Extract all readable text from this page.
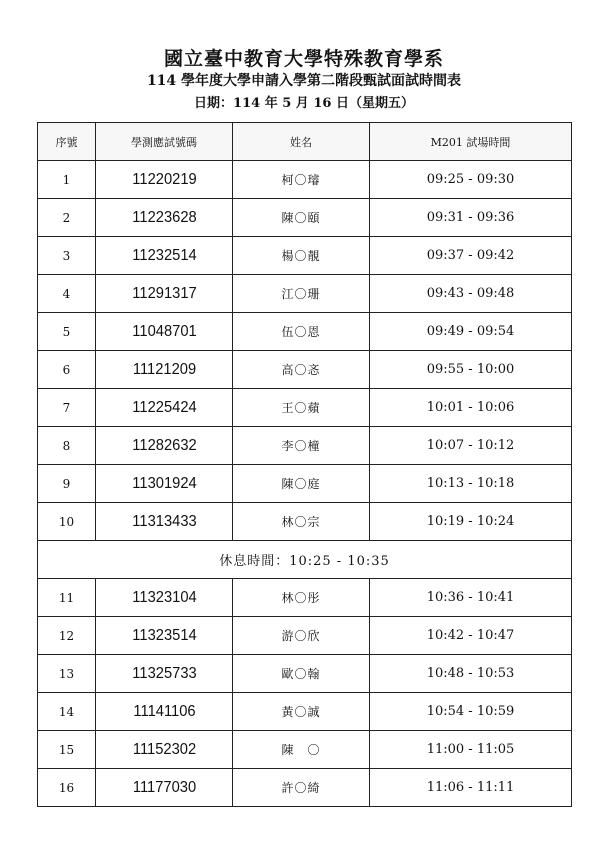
國立臺中教育大學特殊教育學系
114 學年度大學申請入學第二階段甄試面試時間表
日期：114 年 5 月 16 日（星期五）
序號	學測應試號碼	姓名	M201 試場時間
1	11220219	柯〇璿	09:25 - 09:30
2	11223628	陳〇頤	09:31 - 09:36
3	11232514	楊〇靚	09:37 - 09:42
4	11291317	江〇珊	09:43 - 09:48
5	11048701	伍〇恩	09:49 - 09:54
6	11121209	高〇忞	09:55 - 10:00
7	11225424	王〇蘋	10:01 - 10:06
8	11282632	李〇橦	10:07 - 10:12
9	11301924	陳〇庭	10:13 - 10:18
10	11313433	林〇宗	10:19 - 10:24
休息時間：10:25 - 10:35			
11	11323104	林〇彤	10:36 - 10:41
12	11323514	游〇欣	10:42 - 10:47
13	11325733	歐〇翰	10:48 - 10:53
14	11141106	黃〇誠	10:54 - 10:59
15	11152302	陳　〇	11:00 - 11:05
16	11177030	許〇綺	11:06 - 11:11
